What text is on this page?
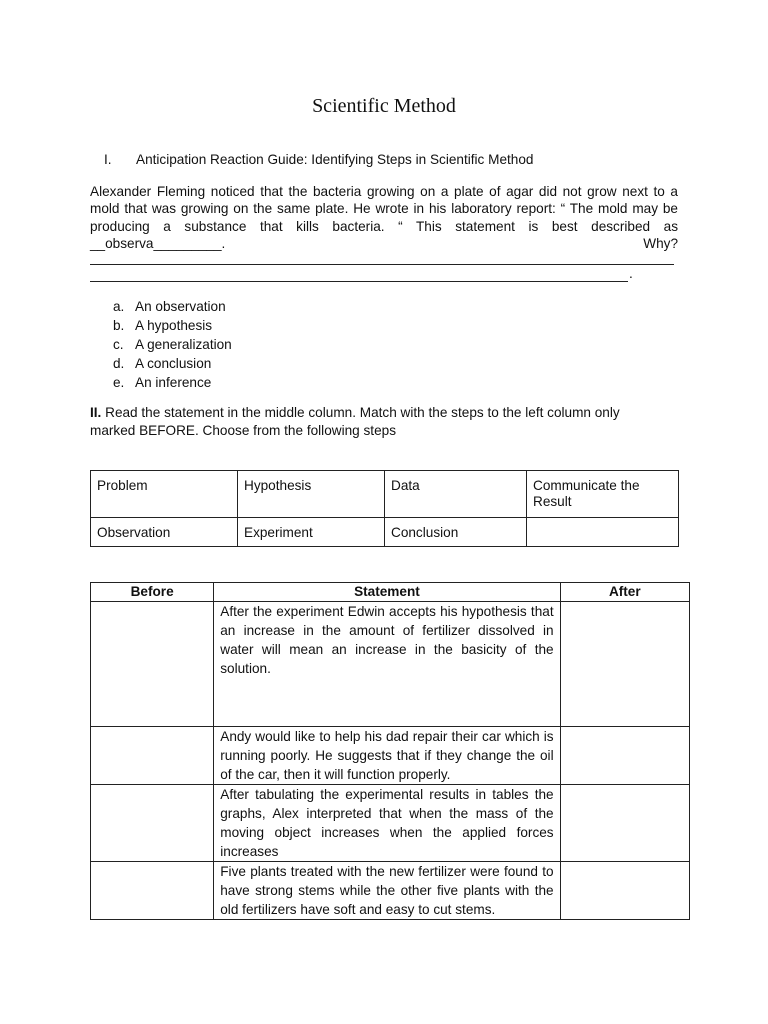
Scientific Method
I. Anticipation Reaction Guide: Identifying Steps in Scientific Method
Alexander Fleming noticed that the bacteria growing on a plate of agar did not grow next to a
mold that was growing on the same plate. He wrote in his laboratory report: “ The mold may be
producing a substance that kills bacteria. “ This statement is best described as
__observa_________.	Why?
.
a. An observation
b. A hypothesis
c. A generalization
d. A conclusion
e. An inference
II. Read the statement in the middle column. Match with the steps to the left column only marked BEFORE. Choose from the following steps
Problem	Hypothesis	Data	Communicate the Result
Observation	Experiment	Conclusion	
Before	Statement	After
	After the experiment Edwin accepts his hypothesis that an increase in the amount of fertilizer dissolved in water will mean an increase in the basicity of the solution.	
	Andy would like to help his dad repair their car which is running poorly. He suggests that if they change the oil of the car, then it will function properly.	
	After tabulating the experimental results in tables the graphs, Alex interpreted that when the mass of the moving object increases when the applied forces increases	
	Five plants treated with the new fertilizer were found to have strong stems while the other five plants with the old fertilizers have soft and easy to cut stems.	
